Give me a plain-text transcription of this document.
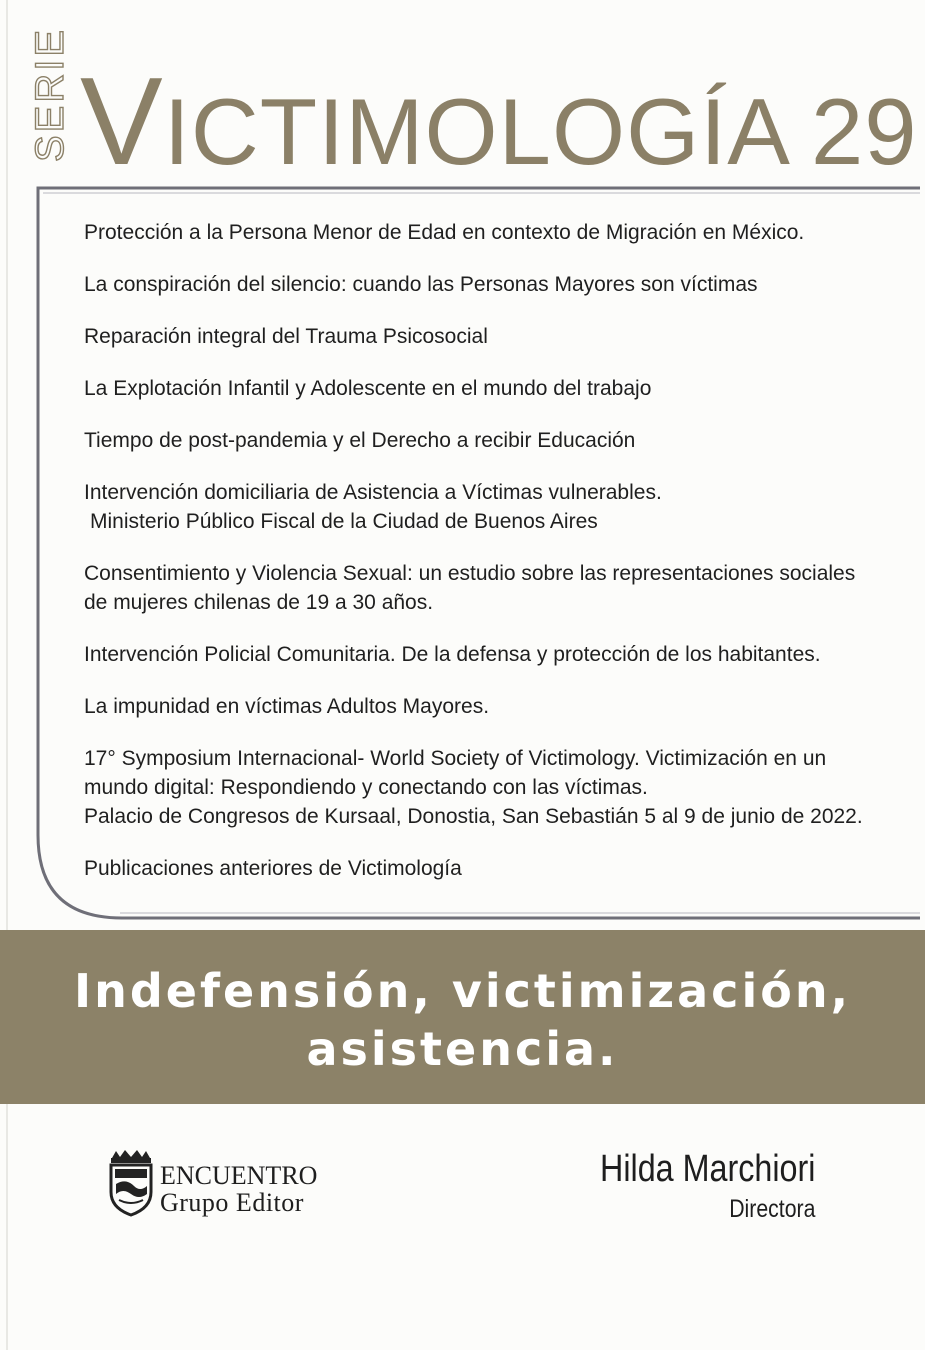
SERIE VICTIMOLOGÍA 29
Protección a la Persona Menor de Edad en contexto de Migración en México.
La conspiración del silencio: cuando las Personas Mayores son víctimas
Reparación integral del Trauma Psicosocial
La Explotación Infantil y Adolescente en el mundo del trabajo
Tiempo de post-pandemia y el Derecho a recibir Educación
Intervención domiciliaria de Asistencia a Víctimas vulnerables.
Ministerio Público Fiscal de la Ciudad de Buenos Aires
Consentimiento y Violencia Sexual: un estudio sobre las representaciones sociales
de mujeres chilenas de 19 a 30 años.
Intervención Policial Comunitaria. De la defensa y protección de los habitantes.
La impunidad en víctimas Adultos Mayores.
17° Symposium Internacional- World Society of Victimology. Victimización en un
mundo digital: Respondiendo y conectando con las víctimas.
Palacio de Congresos de Kursaal, Donostia, San Sebastián 5 al 9 de junio de 2022.
Publicaciones anteriores de Victimología
Indefensión, victimización,
asistencia.
ENCUENTRO
Grupo Editor
Hilda Marchiori
Directora
